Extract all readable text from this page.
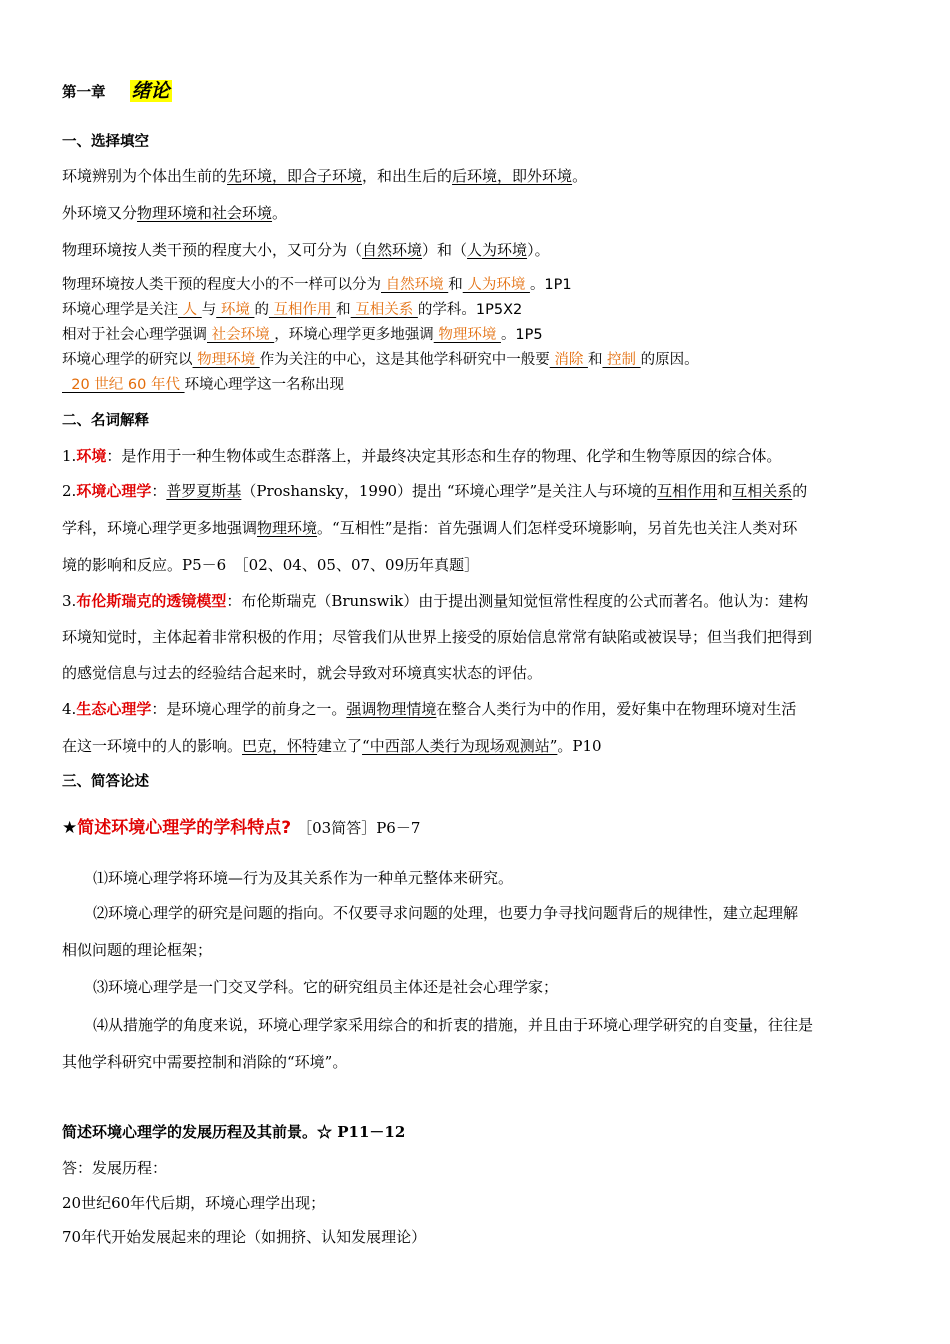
第一章 绪论
一、选择填空
环境辨别为个体出生前的先环境，即合子环境，和出生后的后环境，即外环境。
外环境又分物理环境和社会环境。
物理环境按人类干预的程度大小，又可分为（自然环境）和（人为环境）。
物理环境按人类干预的程度大小的不一样可以分为 自然环境 和 人为环境 。1P1
环境心理学是关注 人 与 环境 的 互相作用 和 互相关系 的学科。1P5X2
相对于社会心理学强调 社会环境 ，环境心理学更多地强调 物理环境 。1P5
环境心理学的研究以 物理环境 作为关注的中心，这是其他学科研究中一般要 消除 和 控制 的原因。
20 世纪 60 年代 环境心理学这一名称出现
二、名词解释
1.环境：是作用于一种生物体或生态群落上，并最终决定其形态和生存的物理、化学和生物等原因的综合体。
2.环境心理学：普罗夏斯基（Proshansky，1990）提出 “环境心理学”是关注人与环境的互相作用和互相关系的
学科，环境心理学更多地强调物理环境。“互相性”是指：首先强调人们怎样受环境影响，另首先也关注人类对环
境的影响和反应。P5－6　［02、04、05、07、09历年真题］
3.布伦斯瑞克的透镜模型：布伦斯瑞克（Brunswik）由于提出测量知觉恒常性程度的公式而著名。他认为：建构
环境知觉时，主体起着非常积极的作用；尽管我们从世界上接受的原始信息常常有缺陷或被误导；但当我们把得到
的感觉信息与过去的经验结合起来时，就会导致对环境真实状态的评估。
4.生态心理学：是环境心理学的前身之一。强调物理情境在整合人类行为中的作用，爱好集中在物理环境对生活
在这一环境中的人的影响。巴克，怀特建立了“中西部人类行为现场观测站”。P10
三、简答论述
★简述环境心理学的学科特点? ［03简答］P6－7
⑴环境心理学将环境—行为及其关系作为一种单元整体来研究。
⑵环境心理学的研究是问题的指向。不仅要寻求问题的处理，也要力争寻找问题背后的规律性，建立起理解
相似问题的理论框架；
⑶环境心理学是一门交叉学科。它的研究组员主体还是社会心理学家；
⑷从措施学的角度来说，环境心理学家采用综合的和折衷的措施，并且由于环境心理学研究的自变量，往往是
其他学科研究中需要控制和消除的“环境”。
简述环境心理学的发展历程及其前景。☆ P11－12
答：发展历程：
20世纪60年代后期，环境心理学出现；
70年代开始发展起来的理论（如拥挤、认知发展理论）
